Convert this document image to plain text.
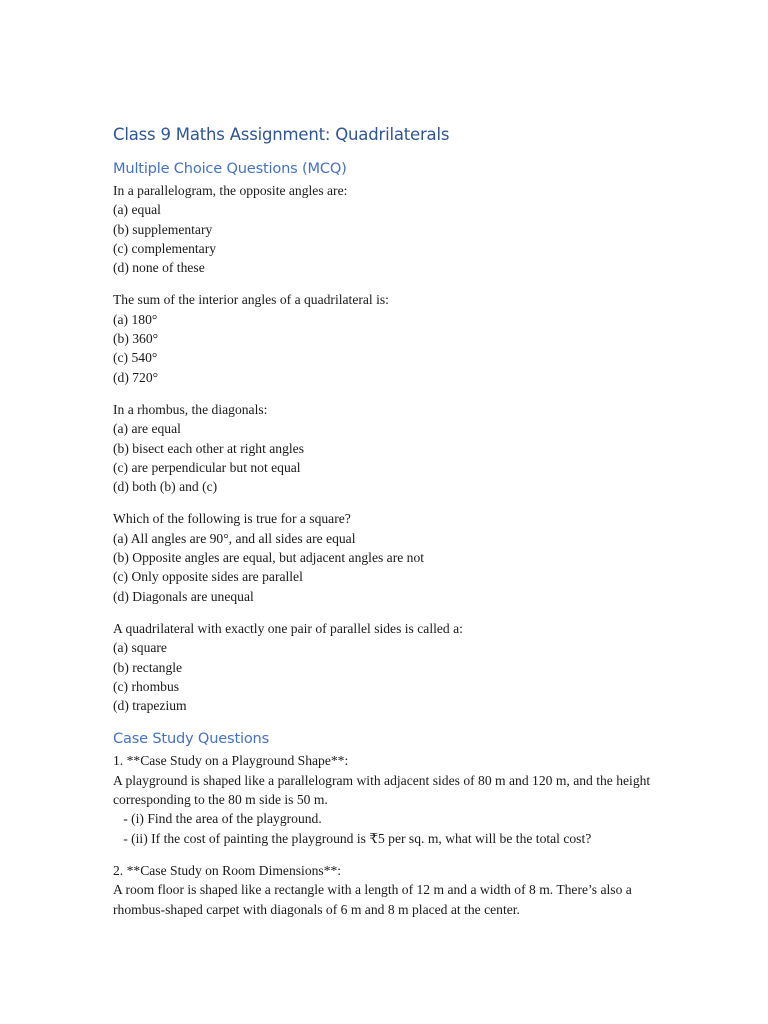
Class 9 Maths Assignment: Quadrilaterals
Multiple Choice Questions (MCQ)
In a parallelogram, the opposite angles are:
(a) equal
(b) supplementary
(c) complementary
(d) none of these
The sum of the interior angles of a quadrilateral is:
(a) 180°
(b) 360°
(c) 540°
(d) 720°
In a rhombus, the diagonals:
(a) are equal
(b) bisect each other at right angles
(c) are perpendicular but not equal
(d) both (b) and (c)
Which of the following is true for a square?
(a) All angles are 90°, and all sides are equal
(b) Opposite angles are equal, but adjacent angles are not
(c) Only opposite sides are parallel
(d) Diagonals are unequal
A quadrilateral with exactly one pair of parallel sides is called a:
(a) square
(b) rectangle
(c) rhombus
(d) trapezium
Case Study Questions
1. **Case Study on a Playground Shape**:
A playground is shaped like a parallelogram with adjacent sides of 80 m and 120 m, and the height corresponding to the 80 m side is 50 m.
- (i) Find the area of the playground.
- (ii) If the cost of painting the playground is ₹5 per sq. m, what will be the total cost?
2. **Case Study on Room Dimensions**:
A room floor is shaped like a rectangle with a length of 12 m and a width of 8 m. There’s also a rhombus-shaped carpet with diagonals of 6 m and 8 m placed at the center.
